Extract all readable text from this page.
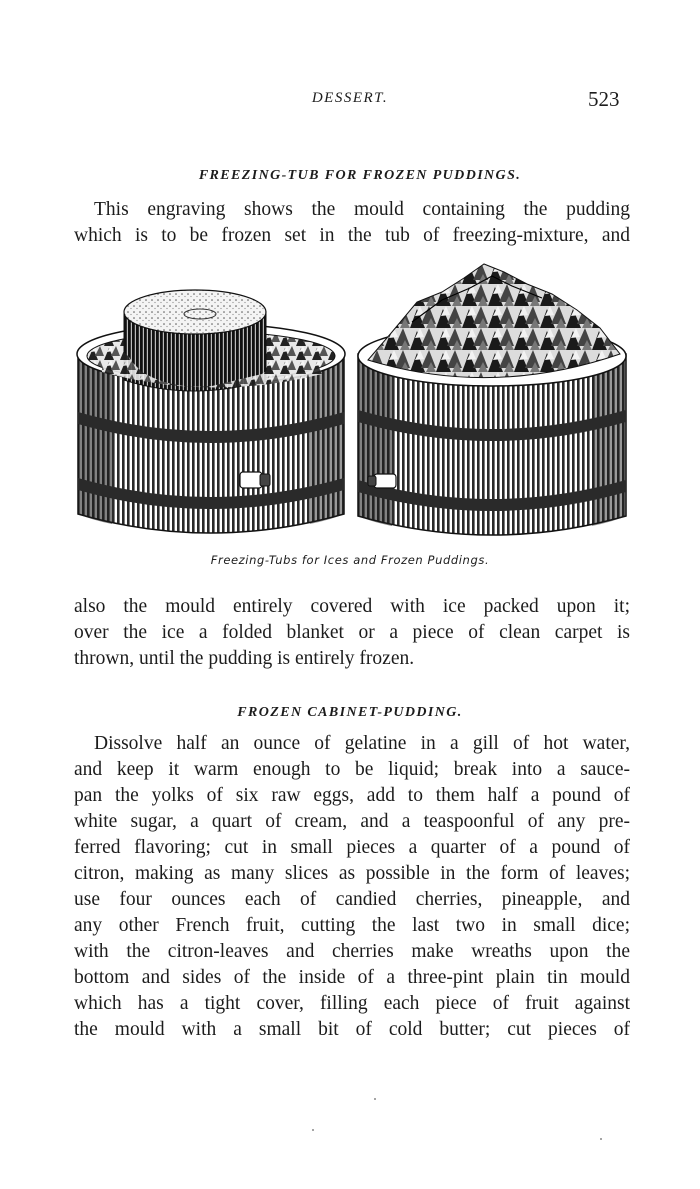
DESSERT.	523
FREEZING-TUB FOR FROZEN PUDDINGS.
This engraving shows the mould containing the pudding
which is to be frozen set in the tub of freezing-mixture, and
Freezing-Tubs for Ices and Frozen Puddings.
also the mould entirely covered with ice packed upon it;
over the ice a folded blanket or a piece of clean carpet is
thrown, until the pudding is entirely frozen.
FROZEN CABINET-PUDDING.
Dissolve half an ounce of gelatine in a gill of hot water,
and keep it warm enough to be liquid; break into a sauce-
pan the yolks of six raw eggs, add to them half a pound of
white sugar, a quart of cream, and a teaspoonful of any pre-
ferred flavoring; cut in small pieces a quarter of a pound of
citron, making as many slices as possible in the form of leaves;
use four ounces each of candied cherries, pineapple, and
any other French fruit, cutting the last two in small dice;
with the citron-leaves and cherries make wreaths upon the
bottom and sides of the inside of a three-pint plain tin mould
which has a tight cover, filling each piece of fruit against
the mould with a small bit of cold butter; cut pieces of
